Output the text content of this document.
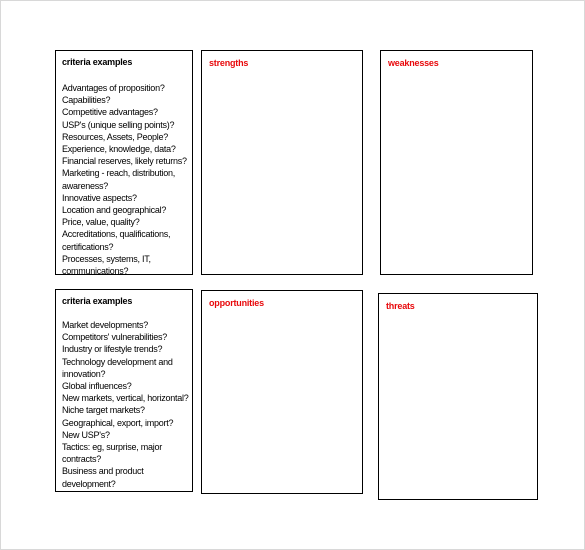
criteria examples
Advantages of proposition?
Capabilities?
Competitive advantages?
USP's (unique selling points)?
Resources, Assets, People?
Experience, knowledge, data?
Financial reserves, likely returns?
Marketing - reach, distribution,
awareness?
Innovative aspects?
Location and geographical?
Price, value, quality?
Accreditations, qualifications,
certifications?
Processes, systems, IT,
communications?
strengths	weaknesses
criteria examples
Market developments?
Competitors' vulnerabilities?
Industry or lifestyle trends?
Technology development and
innovation?
Global influences?
New markets, vertical, horizontal?
Niche target markets?
Geographical, export, import?
New USP's?
Tactics: eg, surprise, major
contracts?
Business and product
development?
opportunities	threats
